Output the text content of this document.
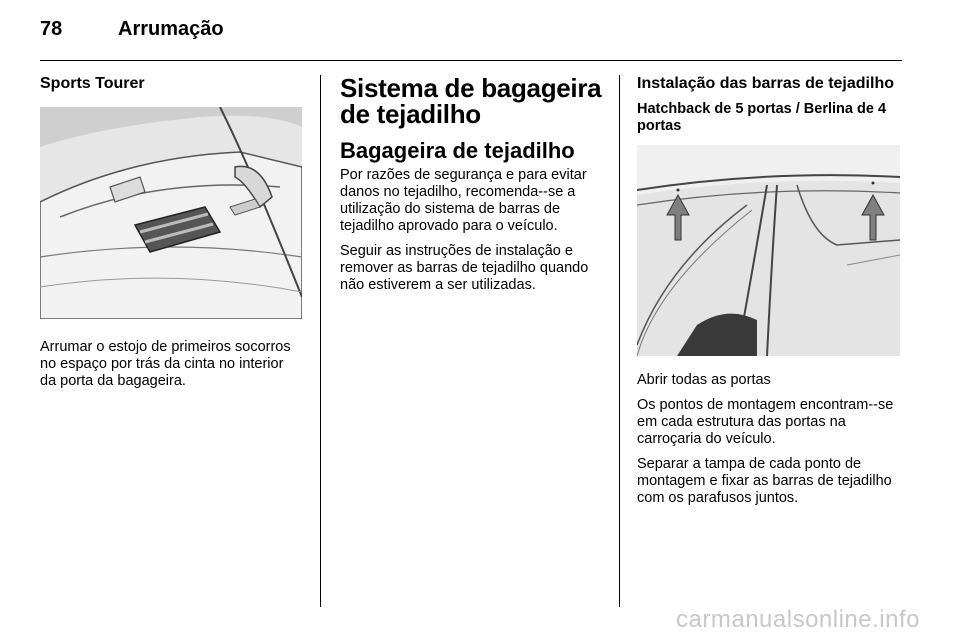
78	Arrumação
Sports Tourer

Arrumar o estojo de primeiros socorros no espaço por trás da cinta no interior da porta da bagageira.

Sistema de bagageira de tejadilho
Bagageira de tejadilho

Por razões de segurança e para evitar danos no tejadilho, recomenda--se a utilização do sistema de barras de tejadilho aprovado para o veículo.

Seguir as instruções de instalação e remover as barras de tejadilho quando não estiverem a ser utilizadas.

Instalação das barras de tejadilho
Hatchback de 5 portas / Berlina de 4 portas

Abrir todas as portas

Os pontos de montagem encontram--se em cada estrutura das portas na carroçaria do veículo.

Separar a tampa de cada ponto de montagem e fixar as barras de tejadilho com os parafusos juntos.

carmanualsonline.info
